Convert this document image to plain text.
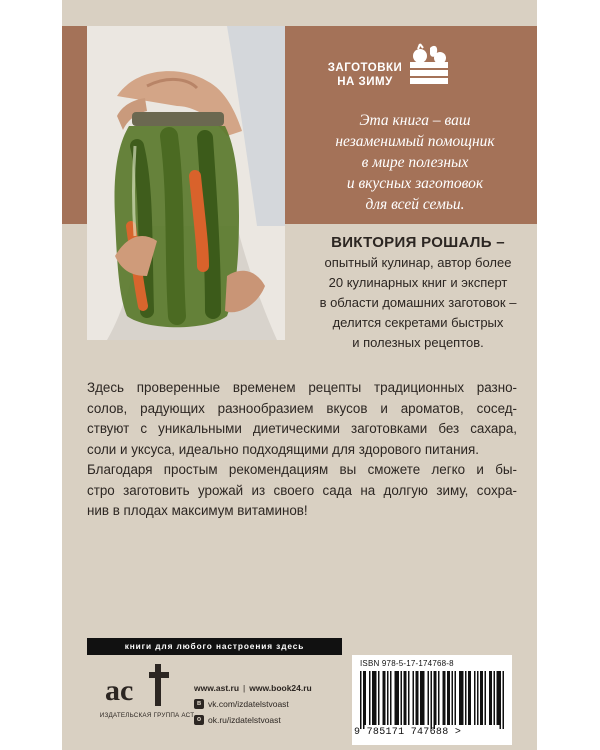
ЗАГОТОВКИ
НА ЗИМУ
Эта книга – ваш
незаменимый помощник
в мире полезных
и вкусных заготовок
для всей семьи.
ВИКТОРИЯ РОШАЛЬ –
опытный кулинар, автор более
20 кулинарных книг и эксперт
в области домашних заготовок –
делится секретами быстрых
и полезных рецептов.
Здесь проверенные временем рецепты традиционных разно-
солов, радующих разнообразием вкусов и ароматов, сосед-
ствуют с уникальными диетическими заготовками без сахара,
соли и уксуса, идеально подходящими для здорового питания.
Благодаря простым рекомендациям вы сможете легко и бы-
стро заготовить урожай из своего сада на долгую зиму, сохра-
нив в плодах максимум витаминов!
книги для любого настроения здесь
ас
ИЗДАТЕЛЬСКАЯ ГРУППА АСТ
www.ast.ru | www.book24.ru
в vk.com/izdatelstvoast
о ok.ru/izdatelstvoast
ISBN 978-5-17-174768-8
9 785171 747688 >
